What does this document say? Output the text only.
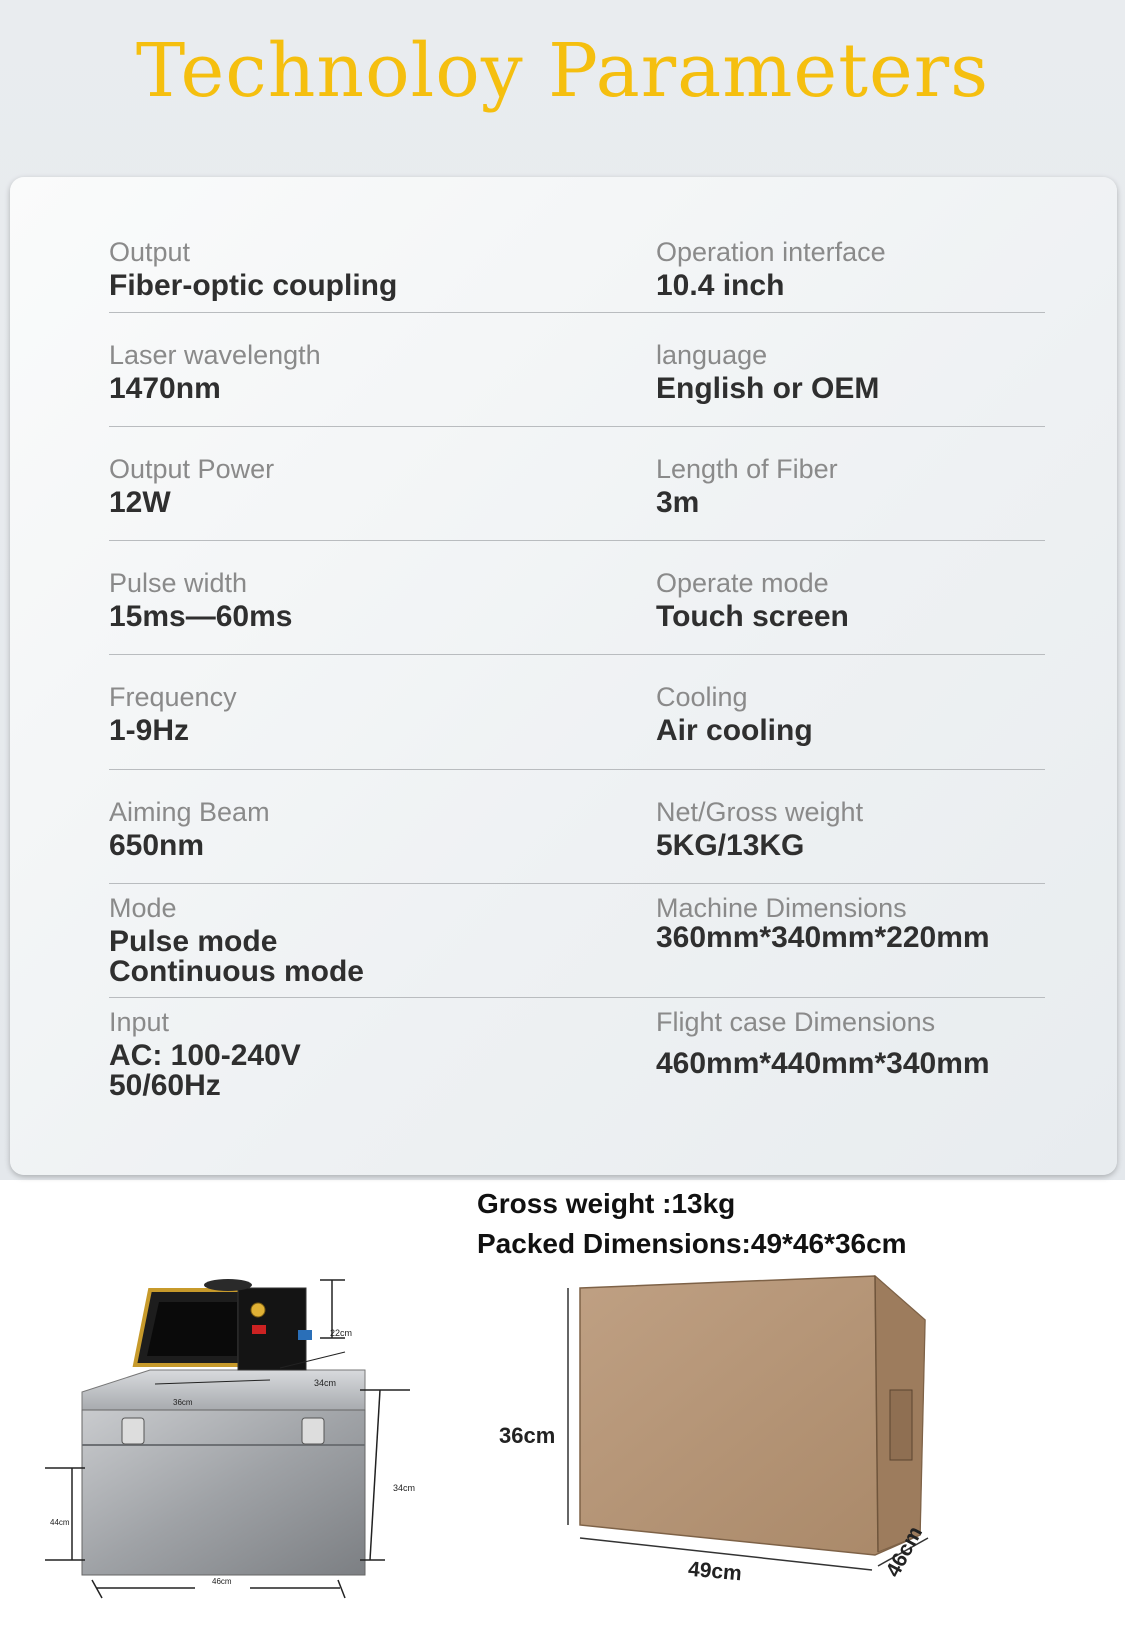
Technoloy Parameters
Output
Fiber-optic coupling
Operation interface
10.4 inch
Laser wavelength
1470nm
language
English or OEM
Output Power
12W
Length of Fiber
3m
Pulse width
15ms—60ms
Operate mode
Touch screen
Frequency
1-9Hz
Cooling
Air cooling
Aiming Beam
650nm
Net/Gross weight
5KG/13KG
Mode
Pulse mode
Continuous mode
Machine Dimensions
360mm*340mm*220mm
Input
AC: 100-240V
50/60Hz
Flight case Dimensions
460mm*440mm*340mm
Gross weight :13kg
Packed Dimensions:49*46*36cm
22cm
34cm
36cm
34cm
44cm
46cm
36cm
49cm	46cm
